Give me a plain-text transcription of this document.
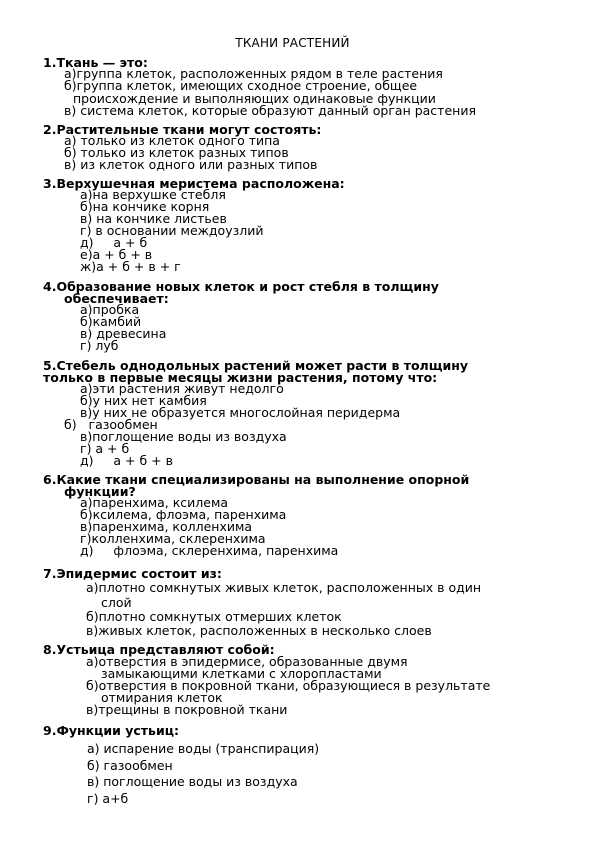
ТКАНИ РАСТЕНИЙ
1.Ткань — это:
а)группа клеток, расположенных рядом в теле растения
б)группа клеток, имеющих сходное строение, общее
происхождение и выполняющих одинаковые функции
в) система клеток, которые образуют данный орган растения
2.Растительные ткани могут состоять:
а) только из клеток одного типа
б) только из клеток разных типов
в) из клеток одного или разных типов
3.Верхушечная меристема расположена:
а)на верхушке стебля
б)на кончике корня
в) на кончике листьев
г) в основании междоузлий
д)     а + б
е)а + б + в
ж)а + б + в + г
4.Образование новых клеток и рост стебля в толщину
обеспечивает:
а)пробка
б)камбий
в) древесина
г) луб
5.Стебель однодольных растений может расти в толщину
только в первые месяцы жизни растения, потому что:
а)эти растения живут недолго
б)у них нет камбия
в)у них не образуется многослойная перидерма
б)   газообмен
в)поглощение воды из воздуха
г) а + б
д)     а + б + в
6.Какие ткани специализированы на выполнение опорной
функции?
а)паренхима, ксилема
б)ксилема, флоэма, паренхима
в)паренхима, колленхима
г)колленхима, склеренхима
д)     флоэма, склеренхима, паренхима
7.Эпидермис состоит из:
а)плотно сомкнутых живых клеток, расположенных в один
слой
б)плотно сомкнутых отмерших клеток
в)живых клеток, расположенных в несколько слоев
8.Устьица представляют собой:
а)отверстия в эпидермисе, образованные двумя
замыкающими клетками с хлоропластами
б)отверстия в покровной ткани, образующиеся в результате
отмирания клеток
в)трещины в покровной ткани
9.Функции устьиц:
а) испарение воды (транспирация)
б) газообмен
в) поглощение воды из воздуха
г) а+б
